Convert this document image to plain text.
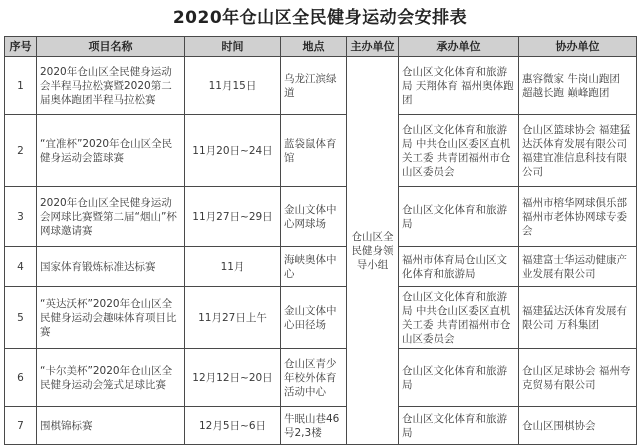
2020年仓山区全民健身运动会安排表
序号	项目名称	时间	地点	主办单位	承办单位	协办单位
1	2020年仓山区全民健身运动会半程马拉松赛暨2020第二届奥体跑团半程马拉松赛	11月15日	乌龙江滨绿道	仓山区全民健身领导小组	仓山区文化体育和旅游局 天翔体育 福州奥体跑团	惠容微家 牛岗山跑团 超越长跑 巅峰跑团
2	“宜准杯”2020年仓山区全民健身运动会篮球赛	11月20日~24日	蓝袋鼠体育馆		仓山区文化体育和旅游局 中共仓山区委区直机关工委 共青团福州市仓山区委员会	仓山区篮球协会 福建猛达沃体育发展有限公司 福建宜准信息科技有限公司
3	2020年仓山区全民健身运动会网球比赛暨第二届“烟山”杯网球邀请赛	11月27日~29日	金山文体中心网球场		仓山区文化体育和旅游局	福州市榕华网球俱乐部 福州市老体协网球专委会
4	国家体育锻炼标准达标赛	11月	海峡奥体中心		福州市体育局仓山区文化体育和旅游局	福建富士华运动健康产业发展有限公司
5	“英达沃杯”2020年仓山区全民健身运动会趣味体育项目比赛	11月27日上午	金山文体中心田径场		仓山区文化体育和旅游局 中共仓山区委区直机关工委 共青团福州市仓山区委员会	福建猛达沃体育发展有限公司 万科集团
6	“卡尔美杯”2020年仓山区全民健身运动会笼式足球比赛	12月12日~20日	仓山区青少年校外体育活动中心		仓山区文化体育和旅游局	仓山区足球协会 福州夸克贸易有限公司
7	围棋锦标赛	12月5日~6日	牛眠山巷46号2,3楼		仓山区文化体育和旅游局	仓山区围棋协会
